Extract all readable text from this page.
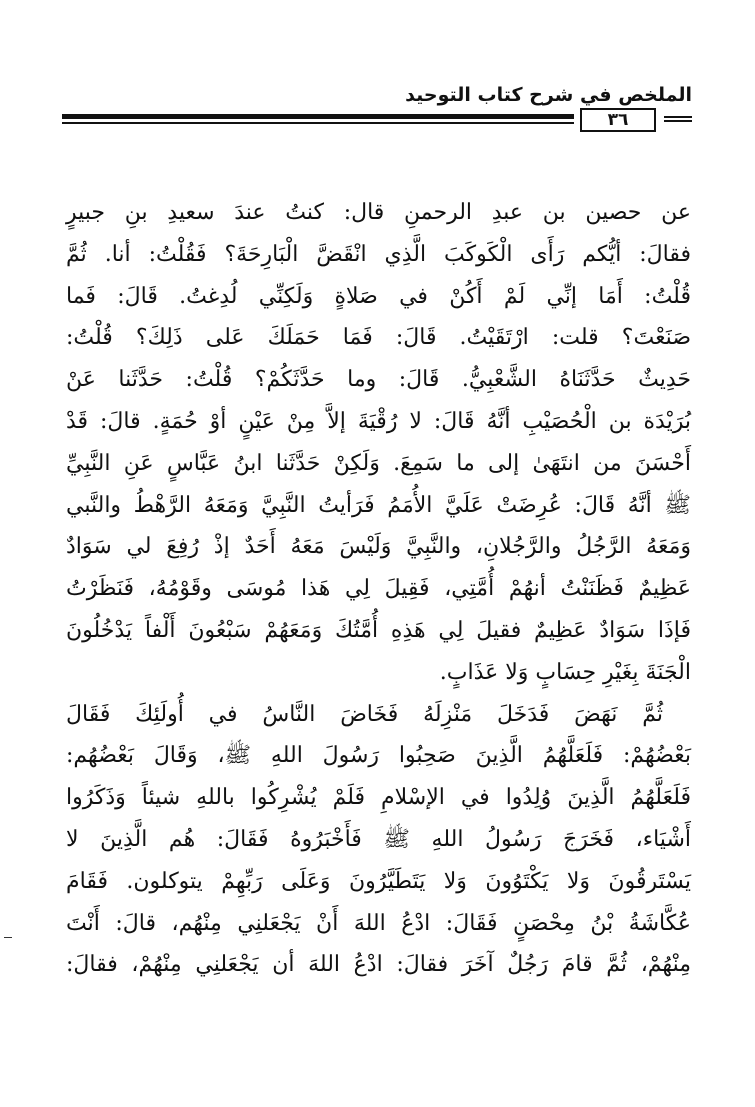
الملخص في شرح كتاب التوحيد
٣٦
عن حصين بن عبدِ الرحمنِ قال: كنتُ عندَ سعيدِ بنِ جبيرٍ
فقالَ: أيُّكم رَأَى الْكَوكَبَ الَّذِي انْقَضَّ الْبَارِحَةَ؟ فَقُلْتُ: أنا. ثُمَّ
قُلْتُ: أَمَا إنِّي لَمْ أَكُنْ في صَلاةٍ وَلَكِنِّي لُدِغتُ. قَالَ: فَما
صَنَعْتَ؟ قلت: ارْتَقَيْتُ. قَالَ: فَمَا حَمَلَكَ عَلى ذَلِكَ؟ قُلْتُ:
حَدِيثٌ حَدَّثَنَاهُ الشَّعْبِيُّ. قَالَ: وما حَدَّثَكُمْ؟ قُلْتُ: حَدَّثَنا عَنْ
بُرَيْدَة بن الْحُصَيْبِ أنَّهُ قَالَ: لا رُقْيَةَ إلاَّ مِنْ عَيْنٍ أوْ حُمَةٍ. قالَ: قَدْ
أَحْسَنَ من انتَهَىٰ إلى ما سَمِعَ. وَلَكِنْ حَدَّثَنا ابنُ عَبَّاسٍ عَنِ النَّبِيِّ
ﷺ أنَّهُ قَالَ: عُرِضَتْ عَلَيَّ الأُمَمُ فَرَأيتُ النَّبِيَّ وَمَعَهُ الرَّهْطُ والنَّبي
وَمَعَهُ الرَّجُلُ والرَّجُلانِ، والنَّبِيَّ وَلَيْسَ مَعَهُ أَحَدٌ إذْ رُفِعَ لي سَوَادٌ
عَظِيمٌ فَظَنَنْتُ أنهُمْ أُمَّتِي، فَقِيلَ لِي هَذا مُوسَى وقَوْمُهُ، فَنَظَرْتُ
فَإذَا سَوَادٌ عَظِيمٌ فقيلَ لِي هَذِهِ أُمَّتُكَ وَمَعَهُمْ سَبْعُونَ أَلْفاً يَدْخُلُونَ
الْجَنَةَ بِغَيْرِ حِسَابٍ وَلا عَذَابٍ.
ثُمَّ نَهَضَ فَدَخَلَ مَنْزِلَهُ فَخَاضَ النَّاسُ في أُولَئِكَ فَقَالَ
بَعْضُهُمْ: فَلَعَلَّهُمُ الَّذِينَ صَحِبُوا رَسُولَ اللهِ ﷺ، وَقَالَ بَعْضُهُم:
فَلَعَلَّهُمُ الَّذِينَ وُلِدُوا في الإسْلامِ فَلَمْ يُشْرِكُوا باللهِ شيئاً وَذَكَرُوا
أَشْيَاء، فَخَرَجَ رَسُولُ اللهِ ﷺ فَأَخْبَرُوهُ فَقَالَ: هُم الَّذِينَ لا
يَسْتَرقُونَ وَلا يَكْتَوُونَ وَلا يَتَطَيَّرُونَ وَعَلَى رَبِّهِمْ يتوكلون. فَقَامَ
عُكَّاشَةُ بْنُ مِحْصَنٍ فَقَالَ: ادْعُ اللهَ أَنْ يَجْعَلنِي مِنْهُم، قالَ: أَنْتَ
مِنْهُمْ، ثُمَّ قامَ رَجُلٌ آخَرَ فقالَ: ادْعُ اللهَ أن يَجْعَلنِي مِنْهُمْ، فقالَ:
